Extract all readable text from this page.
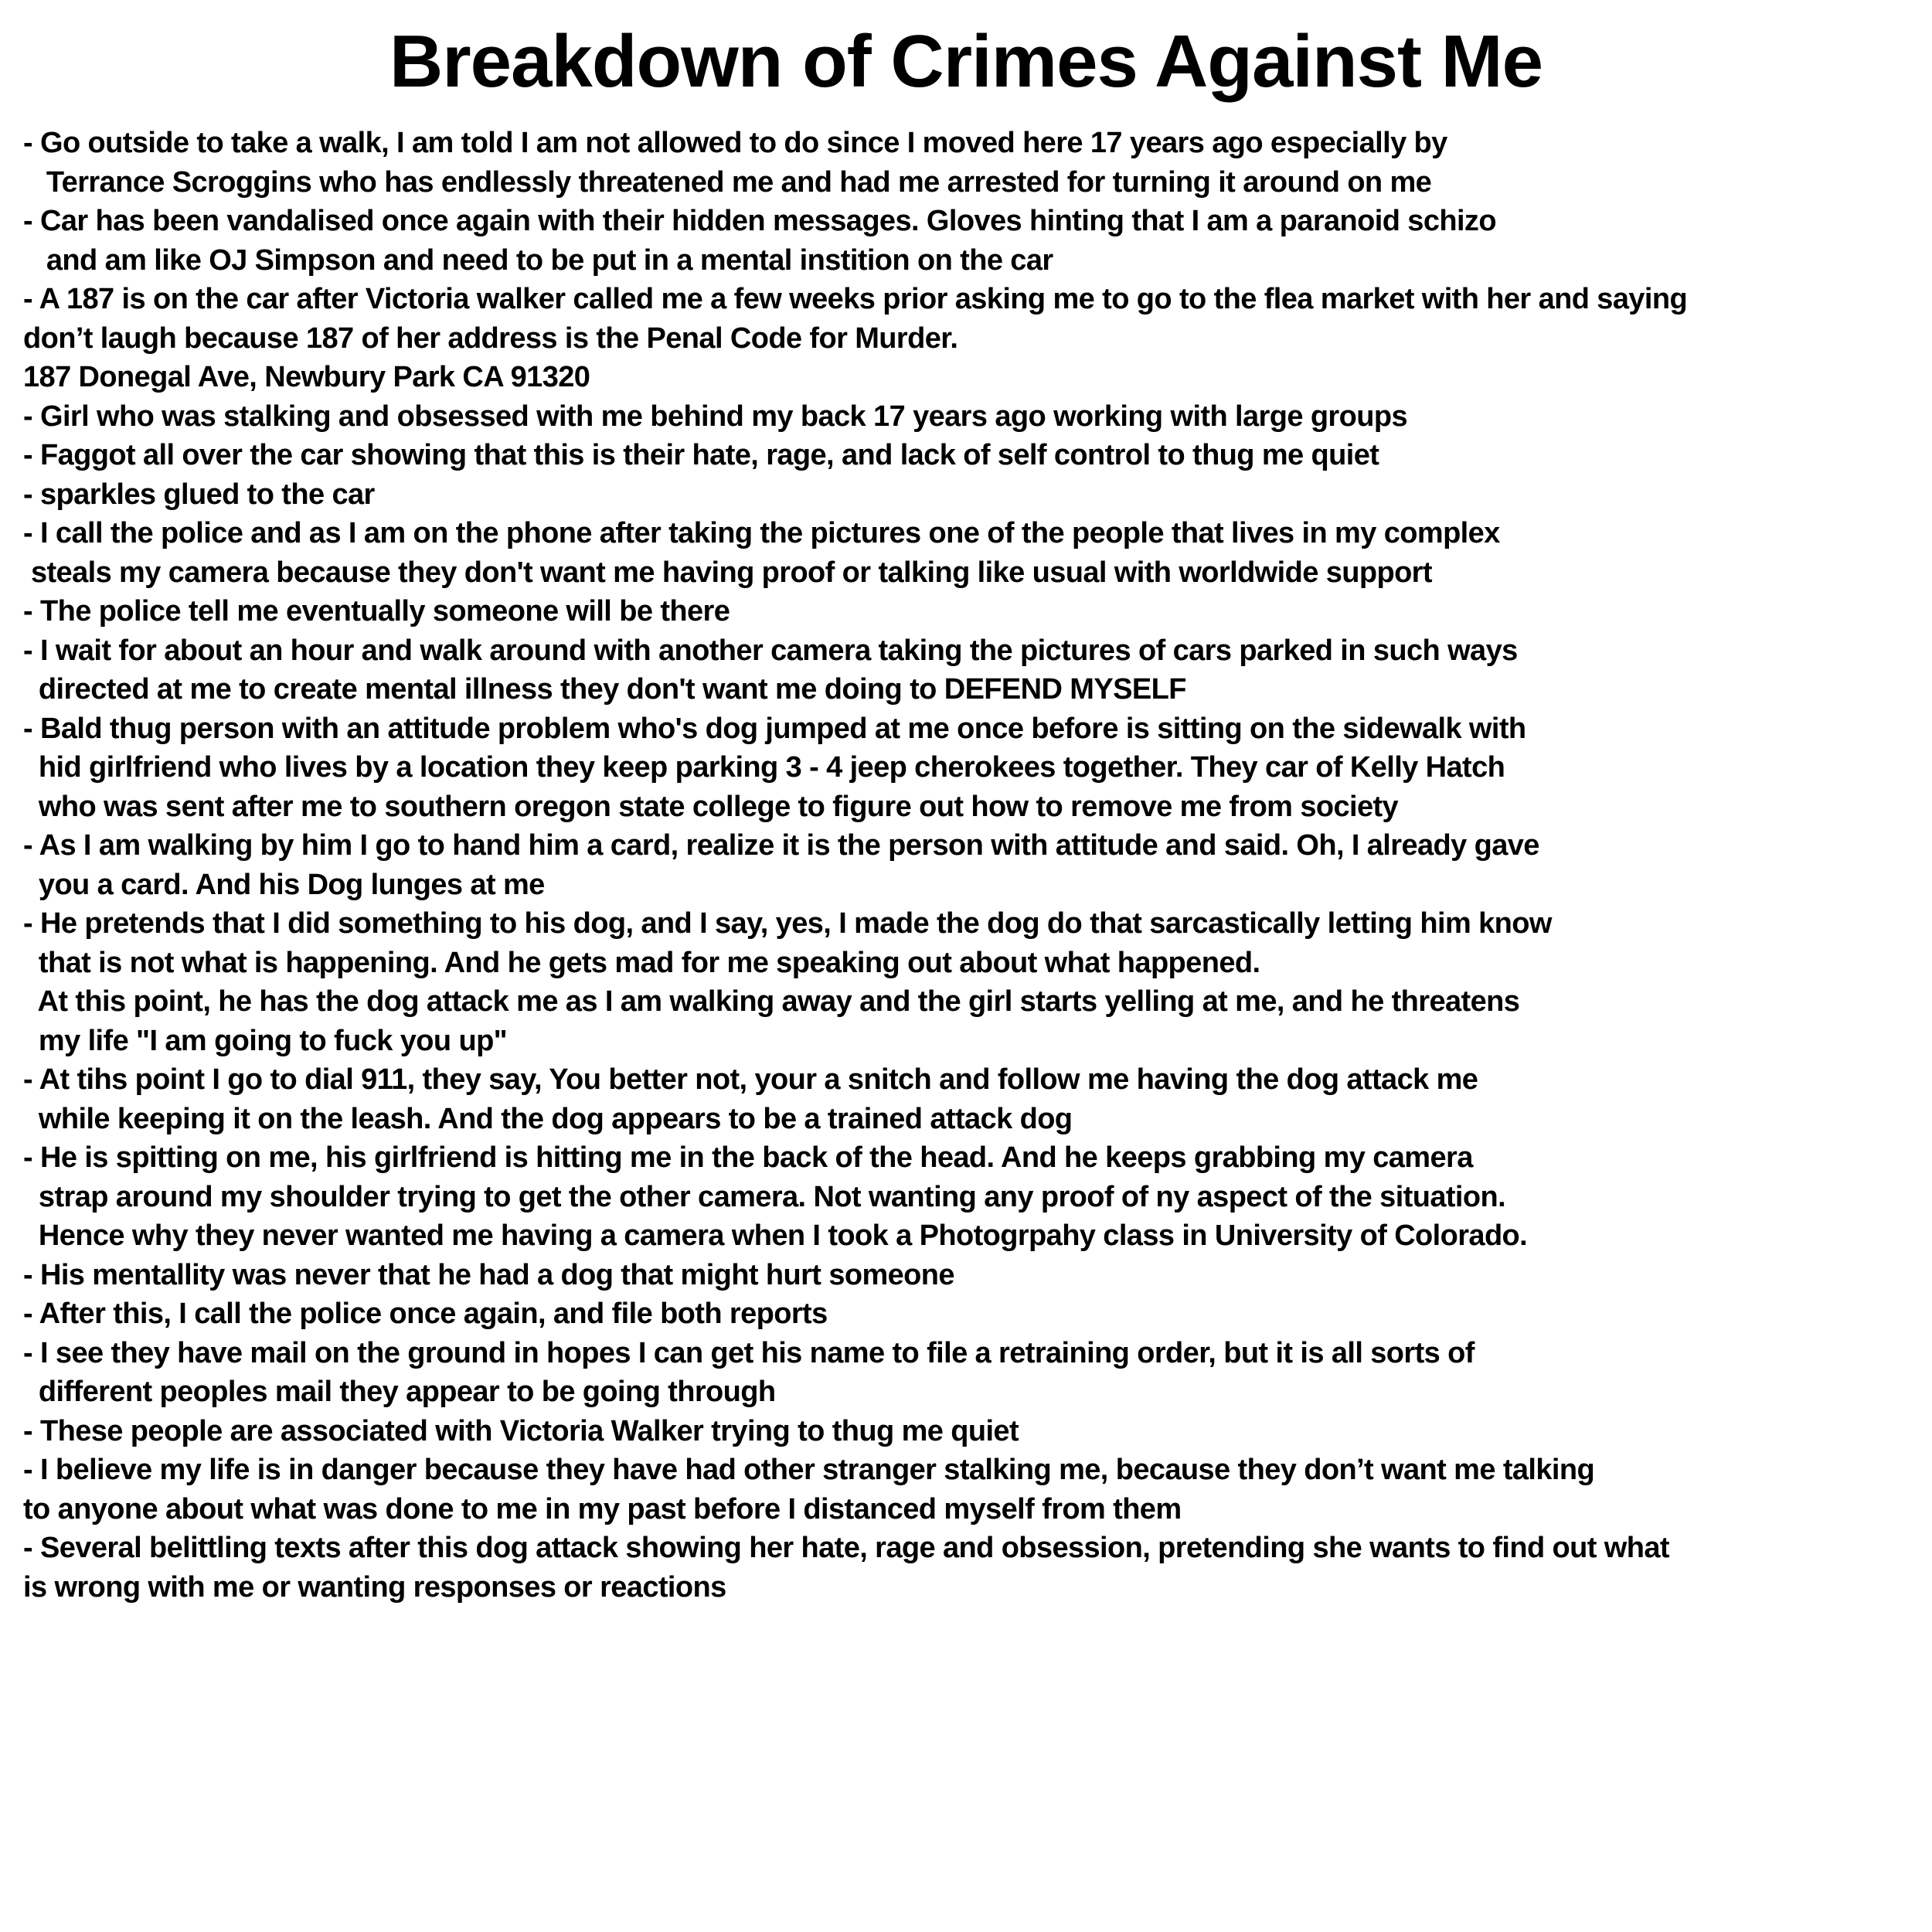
Breakdown of Crimes Against Me
- Go outside to take a walk, I am told I am not allowed to do since I moved here 17 years ago especially by
Terrance Scroggins who has endlessly threatened me and had me arrested for turning it around on me
- Car has been vandalised once again with their hidden messages. Gloves hinting that I am a paranoid schizo
and am like OJ Simpson and need to be put in a mental instition on the car
- A 187 is on the car after Victoria walker called me a few weeks prior asking me to go to the flea market with her and saying
don’t laugh because 187 of her address is the Penal Code for Murder.
187 Donegal Ave, Newbury Park CA 91320
- Girl who was stalking and obsessed with me behind my back 17 years ago working with large groups
- Faggot all over the car showing that this is their hate, rage, and lack of self control to thug me quiet
- sparkles glued to the car
- I call the police and as I am on the phone after taking the pictures one of the people that lives in my complex
steals my camera because they don't want me having proof or talking like usual with worldwide support
- The police tell me eventually someone will be there
- I wait for about an hour and walk around with another camera taking the pictures of cars parked in such ways
directed at me to create mental illness they don't want me doing to DEFEND MYSELF
- Bald thug person with an attitude problem who's dog jumped at me once before is sitting on the sidewalk with
hid girlfriend who lives by a location they keep parking 3 - 4 jeep cherokees together. They car of Kelly Hatch
who was sent after me to southern oregon state college to figure out how to remove me from society
- As I am walking by him I go to hand him a card, realize it is the person with attitude and said. Oh, I already gave
you a card. And his Dog lunges at me
- He pretends that I did something to his dog, and I say, yes, I made the dog do that sarcastically letting him know
that is not what is happening. And he gets mad for me speaking out about what happened.
At this point, he has the dog attack me as I am walking away and the girl starts yelling at me, and he threatens
my life "I am going to fuck you up"
- At tihs point I go to dial 911, they say, You better not, your a snitch and follow me having the dog attack me
while keeping it on the leash. And the dog appears to be a trained attack dog
- He is spitting on me, his girlfriend is hitting me in the back of the head. And he keeps grabbing my camera
strap around my shoulder trying to get the other camera. Not wanting any proof of ny aspect of the situation.
Hence why they never wanted me having a camera when I took a Photogrpahy class in University of Colorado.
- His mentallity was never that he had a dog that might hurt someone
- After this, I call the police once again, and file both reports
- I see they have mail on the ground in hopes I can get his name to file a retraining order, but it is all sorts of
different peoples mail they appear to be going through
- These people are associated with Victoria Walker trying to thug me quiet
- I believe my life is in danger because they have had other stranger stalking me, because they don’t want me talking
to anyone about what was done to me in my past before I distanced myself from them
- Several belittling texts after this dog attack showing her hate, rage and obsession, pretending she wants to find out what
is wrong with me or wanting responses or reactions
